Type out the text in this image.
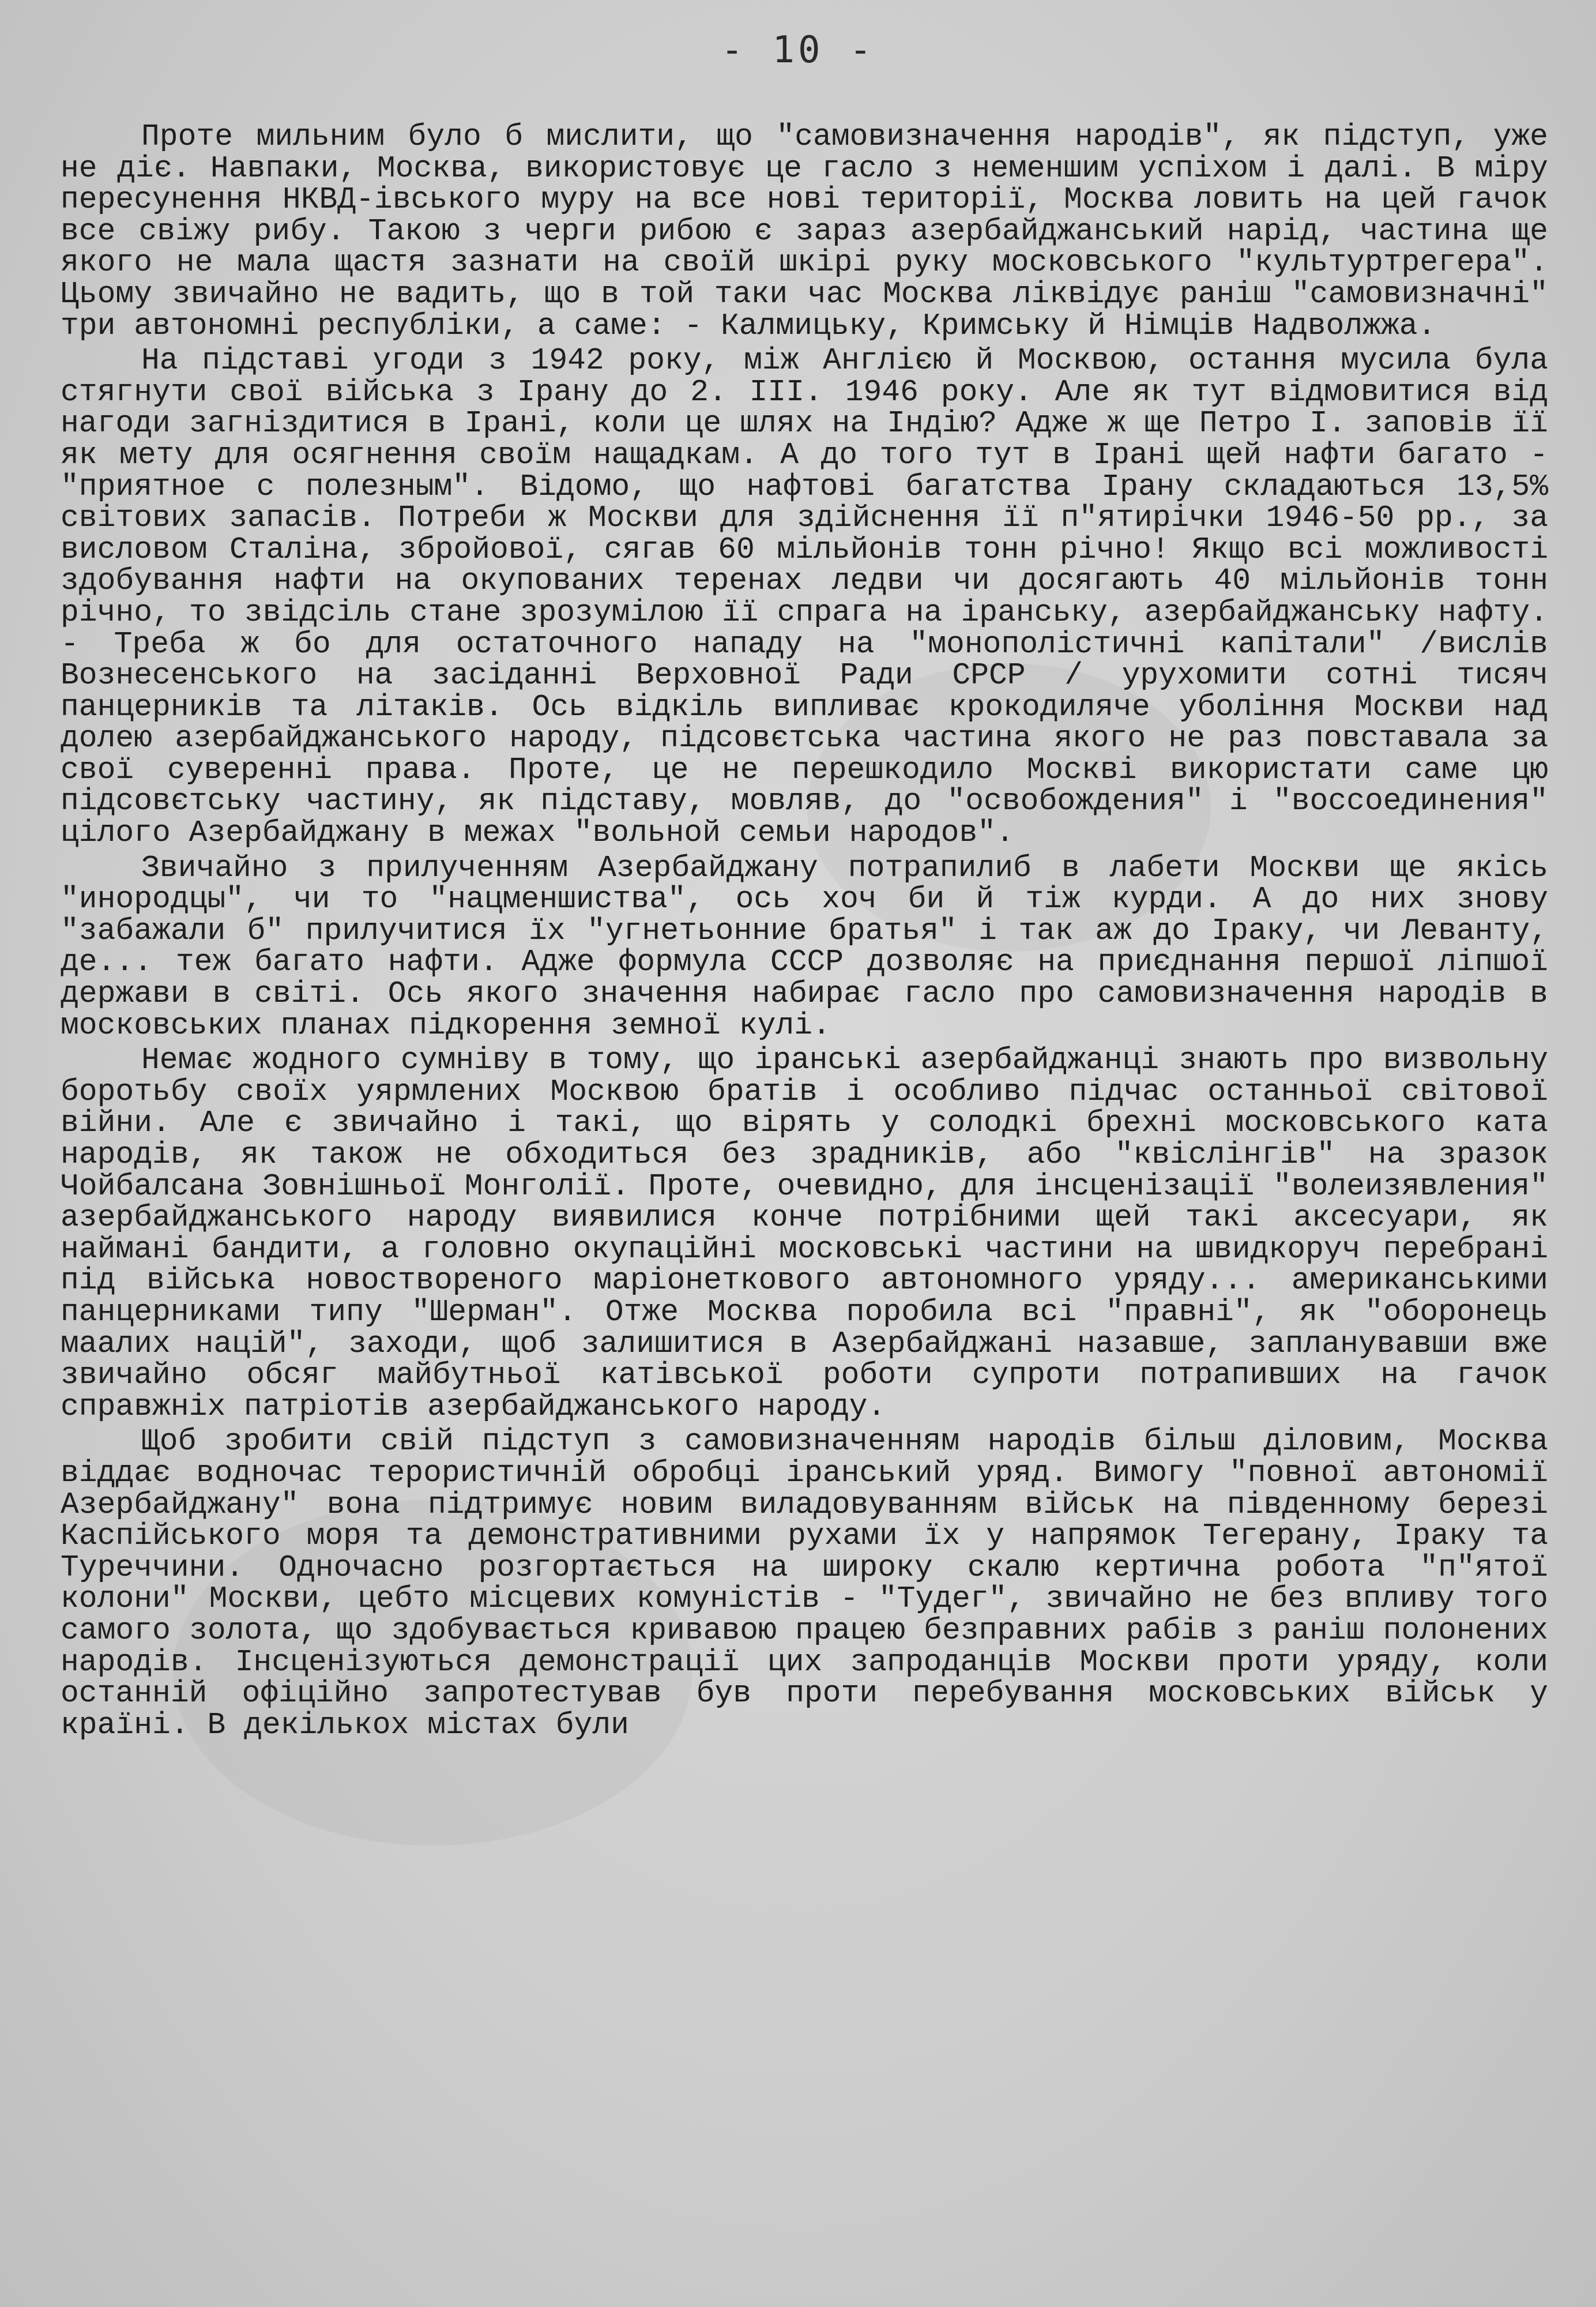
- 10 -

Проте мильним було б мислити, що "самовизначення народів", як підступ, уже не діє. Навпаки, Москва, використовує це гасло з неменшим успіхом і далі. В міру пересунення НКВД-івського муру на все нові території, Москва ловить на цей гачок все свіжу рибу. Такою з черги рибою є зараз азербайджанський нарід, частина ще якого не мала щастя зазнати на своїй шкірі руку московського "культуртрегера". Цьому звичайно не вадить, що в той таки час Москва ліквідує раніш "самовизначні" три автономні республіки, а саме: - Калмицьку, Кримську й Німців Надволжжа.

На підставі угоди з 1942 року, між Англією й Москвою, остання мусила була стягнути свої війська з Ірану до 2. III. 1946 року. Але як тут відмовитися від нагоди загніздитися в Ірані, коли це шлях на Індію? Адже ж ще Петро I. заповів її як мету для осягнення своїм нащадкам. А до того тут в Ірані щей нафти багато - "приятное с полезным". Відомо, що нафтові багатства Ірану складаються 13,5% світових запасів. Потреби ж Москви для здійснення її п"ятирічки 1946-50 рр., за висловом Сталіна, збройової, сягав 60 мільйонів тонн річно! Якщо всі можливості здобування нафти на окупованих теренах ледви чи досягають 40 мільйонів тонн річно, то звідсіль стане зрозумілою її спрага на іранську, азербайджанську нафту. - Треба ж бо для остаточного нападу на "монополістичні капітали" /вислів Вознесенського на засіданні Верховної Ради СРСР / урухомити сотні тисяч панцерників та літаків. Ось відкіль випливає крокодиляче убоління Москви над долею азербайджанського народу, підсовєтська частина якого не раз повставала за свої суверенні права. Проте, це не перешкодило Москві використати саме цю підсовєтську частину, як підставу, мовляв, до "освобождения" і "воссоединения" цілого Азербайджану в межах "вольной семьи народов".

Звичайно з прилученням Азербайджану потрапилиб в лабети Москви ще якісь "инородцы", чи то "нацменшиства", ось хоч би й тіж курди. А до них знову "забажали б" прилучитися їх "угнетьонние братья" і так аж до Іраку, чи Леванту, де... теж багато нафти. Адже формула СССР дозволяє на приєднання першої ліпшої держави в світі. Ось якого значення набирає гасло про самовизначення народів в московських планах підкорення земної кулі.

Немає жодного сумніву в тому, що іранські азербайджанці знають про визвольну боротьбу своїх уярмлених Москвою братів і особливо підчас останньої світової війни. Але є звичайно і такі, що вірять у солодкі брехні московського ката народів, як також не обходиться без зрадників, або "квіслінгів" на зразок Чойбалсана Зовнішньої Монголії. Проте, очевидно, для інсценізації "волеизявления" азербайджанського народу виявилися конче потрібними щей такі аксесуари, як наймані бандити, а головно окупаційні московські частини на швидкоруч перебрані під війська новоствореного маріонеткового автономного уряду... американськими панцерниками типу "Шерман". Отже Москва поробила всі "правні", як "оборонець маалих націй", заходи, щоб залишитися в Азербайджані назавше, запланувавши вже звичайно обсяг майбутньої катівської роботи супроти потрапивших на гачок справжніх патріотів азербайджанського народу.

Щоб зробити свій підступ з самовизначенням народів більш діловим, Москва віддає водночас терористичній обробці іранський уряд. Вимогу "повної автономії Азербайджану" вона підтримує новим виладовуванням військ на південному березі Каспійського моря та демонстративними рухами їх у напрямок Тегерану, Іраку та Туреччини. Одночасно розгортається на широку скалю кертична робота "п"ятої колони" Москви, цебто місцевих комуністів - "Тудег", звичайно не без впливу того самого золота, що здобувається кривавою працею безправних рабів з раніш полонених народів. Інсценізуються демонстрації цих запроданців Москви проти уряду, коли останній офіційно запротестував був проти перебування московських військ у країні. В декількох містах були
